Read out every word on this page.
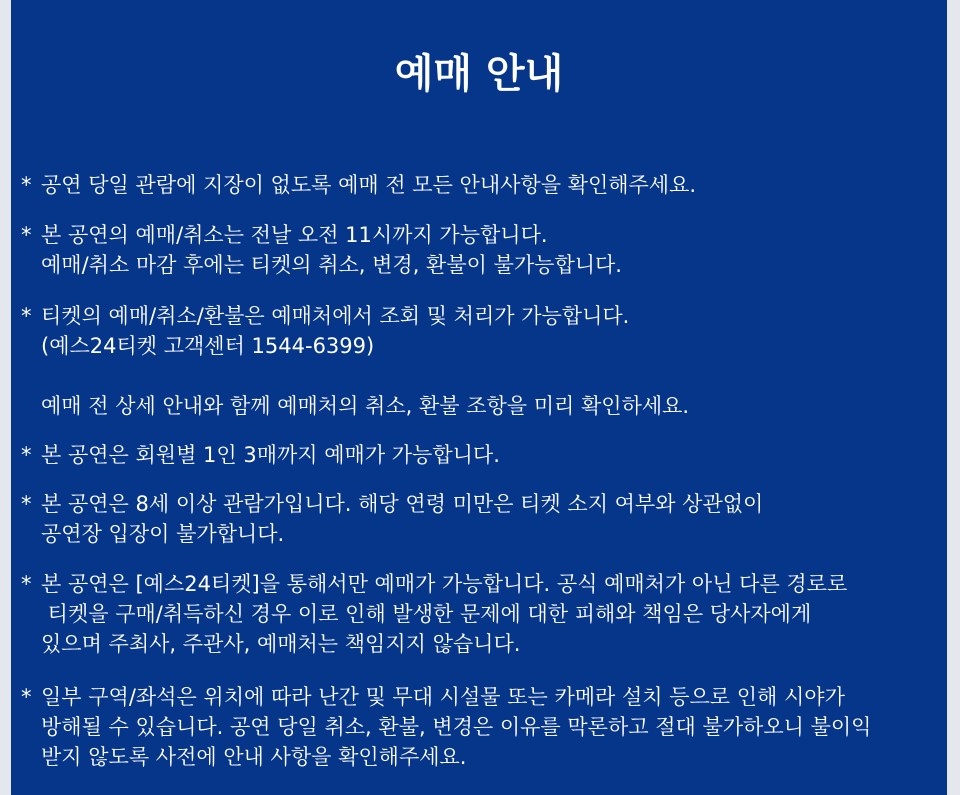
예매 안내
* 공연 당일 관람에 지장이 없도록 예매 전 모든 안내사항을 확인해주세요.
* 본 공연의 예매/취소는 전날 오전 11시까지 가능합니다.
예매/취소 마감 후에는 티켓의 취소, 변경, 환불이 불가능합니다.
* 티켓의 예매/취소/환불은 예매처에서 조회 및 처리가 가능합니다.
(예스24티켓 고객센터 1544-6399)
예매 전 상세 안내와 함께 예매처의 취소, 환불 조항을 미리 확인하세요.
* 본 공연은 회원별 1인 3매까지 예매가 가능합니다.
* 본 공연은 8세 이상 관람가입니다. 해당 연령 미만은 티켓 소지 여부와 상관없이
공연장 입장이 불가합니다.
* 본 공연은 [예스24티켓]을 통해서만 예매가 가능합니다. 공식 예매처가 아닌 다른 경로로
티켓을 구매/취득하신 경우 이로 인해 발생한 문제에 대한 피해와 책임은 당사자에게
있으며 주최사, 주관사, 예매처는 책임지지 않습니다.
* 일부 구역/좌석은 위치에 따라 난간 및 무대 시설물 또는 카메라 설치 등으로 인해 시야가
방해될 수 있습니다. 공연 당일 취소, 환불, 변경은 이유를 막론하고 절대 불가하오니 불이익
받지 않도록 사전에 안내 사항을 확인해주세요.
